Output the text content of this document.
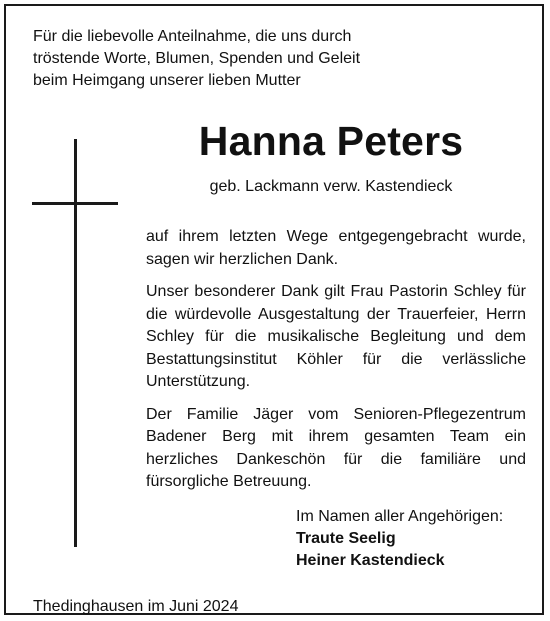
Für die liebevolle Anteilnahme, die uns durch
tröstende Worte, Blumen, Spenden und Geleit
beim Heimgang unserer lieben Mutter
Hanna Peters
geb. Lackmann verw. Kastendieck

auf ihrem letzten Wege entgegengebracht wurde, sagen wir herzlichen Dank.

Unser besonderer Dank gilt Frau Pastorin Schley für die würdevolle Ausgestaltung der Trauerfeier, Herrn Schley für die musikalische Begleitung und dem Bestattungsinstitut Köhler für die verlässliche Unterstützung.

Der Familie Jäger vom Senioren-Pflegezentrum Badener Berg mit ihrem gesamten Team ein herzliches Dankeschön für die familiäre und fürsorgliche Betreuung.

Im Namen aller Angehörigen:
Traute Seelig
Heiner Kastendieck
Thedinghausen im Juni 2024
